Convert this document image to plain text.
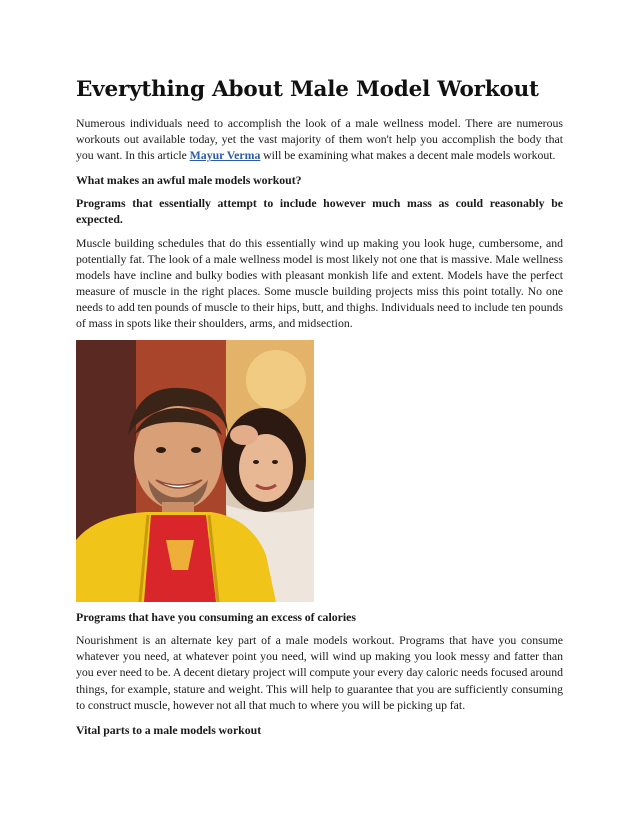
Everything About Male Model Workout

Numerous individuals need to accomplish the look of a male wellness model. There are numerous workouts out available today, yet the vast majority of them won't help you accomplish the body that you want. In this article Mayur Verma will be examining what makes a decent male models workout.

What makes an awful male models workout?

Programs that essentially attempt to include however much mass as could reasonably be expected.

Muscle building schedules that do this essentially wind up making you look huge, cumbersome, and potentially fat. The look of a male wellness model is most likely not one that is massive. Male wellness models have incline and bulky bodies with pleasant monkish life and extent. Models have the perfect measure of muscle in the right places. Some muscle building projects miss this point totally. No one needs to add ten pounds of muscle to their hips, butt, and thighs. Individuals need to include ten pounds of mass in spots like their shoulders, arms, and midsection.

Programs that have you consuming an excess of calories

Nourishment is an alternate key part of a male models workout. Programs that have you consume whatever you need, at whatever point you need, will wind up making you look messy and fatter than you ever need to be. A decent dietary project will compute your every day caloric needs focused around things, for example, stature and weight. This will help to guarantee that you are sufficiently consuming to construct muscle, however not all that much to where you will be picking up fat.

Vital parts to a male models workout
